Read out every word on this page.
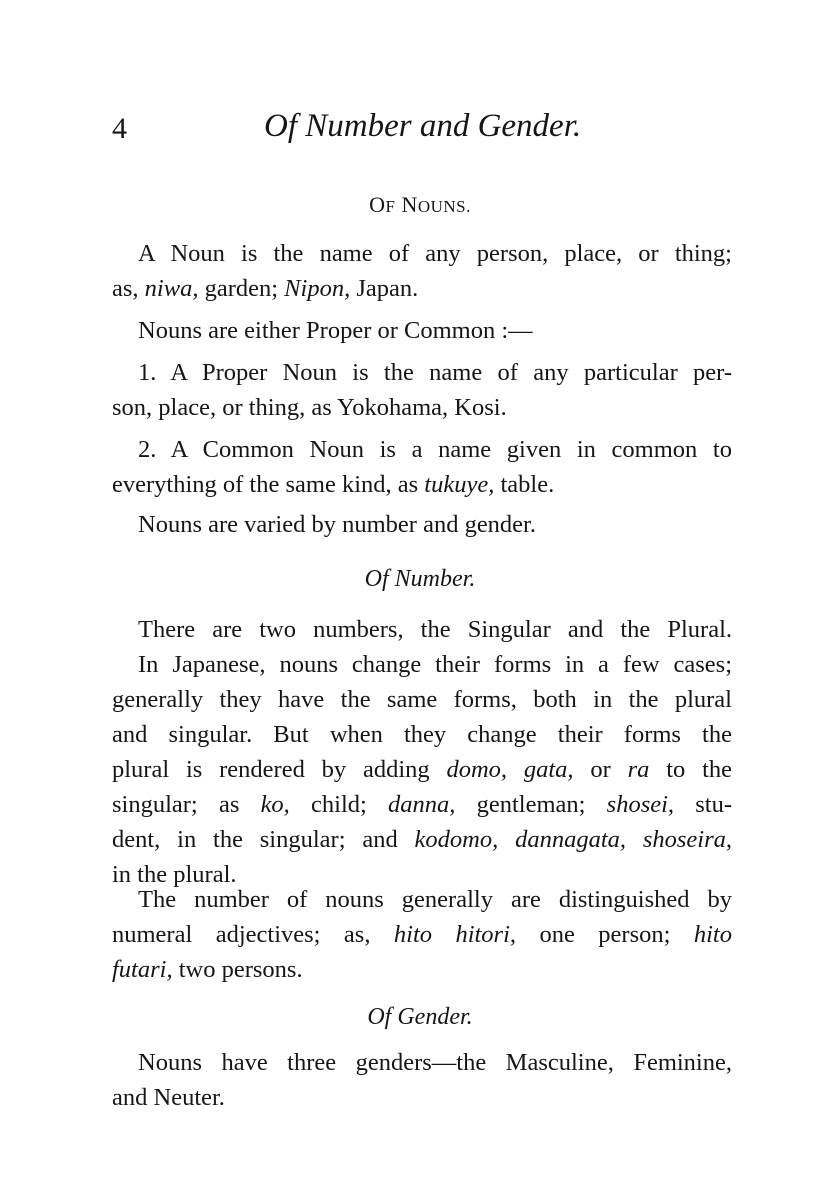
4	Of Number and Gender.
OF NOUNS.
A Noun is the name of any person, place, or thing;
as, niwa, garden; Nipon, Japan.
Nouns are either Proper or Common :—
1. A Proper Noun is the name of any particular per-
son, place, or thing, as Yokohama, Kosi.
2. A Common Noun is a name given in common to
everything of the same kind, as tukuye, table.
Nouns are varied by number and gender.
Of Number.
There are two numbers, the Singular and the Plural.
In Japanese, nouns change their forms in a few cases;
generally they have the same forms, both in the plural
and singular. But when they change their forms the
plural is rendered by adding domo, gata, or ra to the
singular; as ko, child; danna, gentleman; shosei, stu-
dent, in the singular; and kodomo, dannagata, shoseira,
in the plural.
The number of nouns generally are distinguished by
numeral adjectives; as, hito hitori, one person; hito
futari, two persons.
Of Gender.
Nouns have three genders—the Masculine, Feminine,
and Neuter.
